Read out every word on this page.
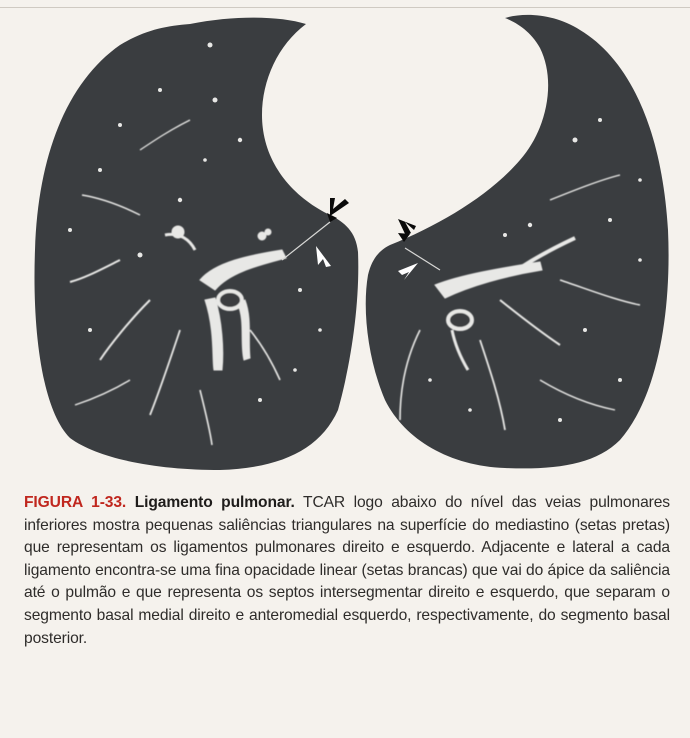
FIGURA 1-33. Ligamento pulmonar. TCAR logo abaixo do nível das veias pulmonares inferiores mostra pequenas saliências triangulares na superfície do mediastino (setas pretas) que representam os ligamentos pulmonares direito e esquerdo. Adjacente e lateral a cada ligamento encontra-se uma fina opacidade linear (setas brancas) que vai do ápice da saliência até o pulmão e que representa os septos intersegmentar direito e esquerdo, que separam o segmento basal medial direito e anteromedial esquerdo, respectivamente, do segmento basal posterior.
